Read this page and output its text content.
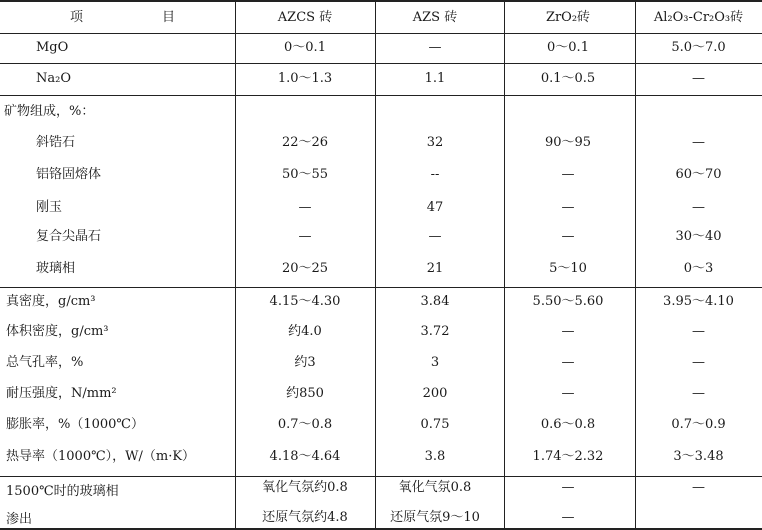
项	目	AZCS 砖	AZS 砖	ZrO₂砖	Al₂O₃-Cr₂O₃砖
MgO	0～0.1	—	0～0.1	5.0～7.0
Na₂O	1.0～1.3	1.1	0.1～0.5	—
矿物组成，%：
斜锆石	22～26	32	90～95	—
铝铬固熔体	50～55	--	—	60～70
刚玉	—	47	—	—
复合尖晶石	—	—	—	30～40
玻璃相	20～25	21	5～10	0～3
真密度，g/cm³	4.15～4.30	3.84	5.50～5.60	3.95～4.10
体积密度，g/cm³	约4.0	3.72	—	—
总气孔率，%	约3	3	—	—
耐压强度，N/mm²	约850	200	—	—
膨胀率，%（1000℃）	0.7～0.8	0.75	0.6～0.8	0.7～0.9
热导率（1000℃），W/（m·K）	4.18～4.64	3.8	1.74～2.32	3～3.48
1500℃时的玻璃相	氧化气氛约0.8	氧化气氛0.8	—	—
渗出	还原气氛约4.8	还原气氛9～10	—
